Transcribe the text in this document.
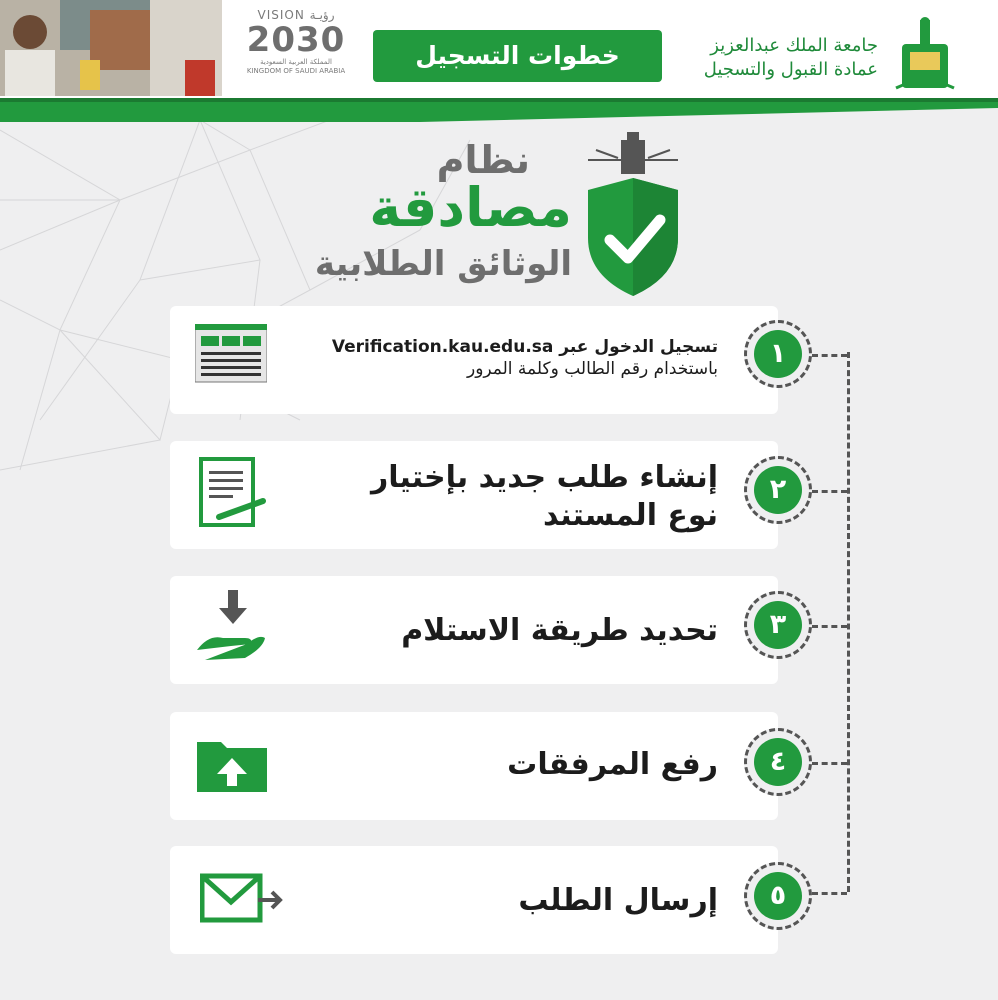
VISION رؤيـة
2030
المملكة العربية السعودية
KINGDOM OF SAUDI ARABIA
خطوات التسجيل	جامعة الملك عبدالعزيز
عمادة القبول والتسجيل
نظام
مصادقة
الوثائق الطلابية
تسجيل الدخول عبر Verification.kau.edu.sa
باستخدام رقم الطالب وكلمة المرور	١
إنشاء طلب جديد بإختيار
نوع المستند
٢
تحديد طريقة الاستلام	٣
رفع المرفقات	٤
إرسال الطلب	٥
